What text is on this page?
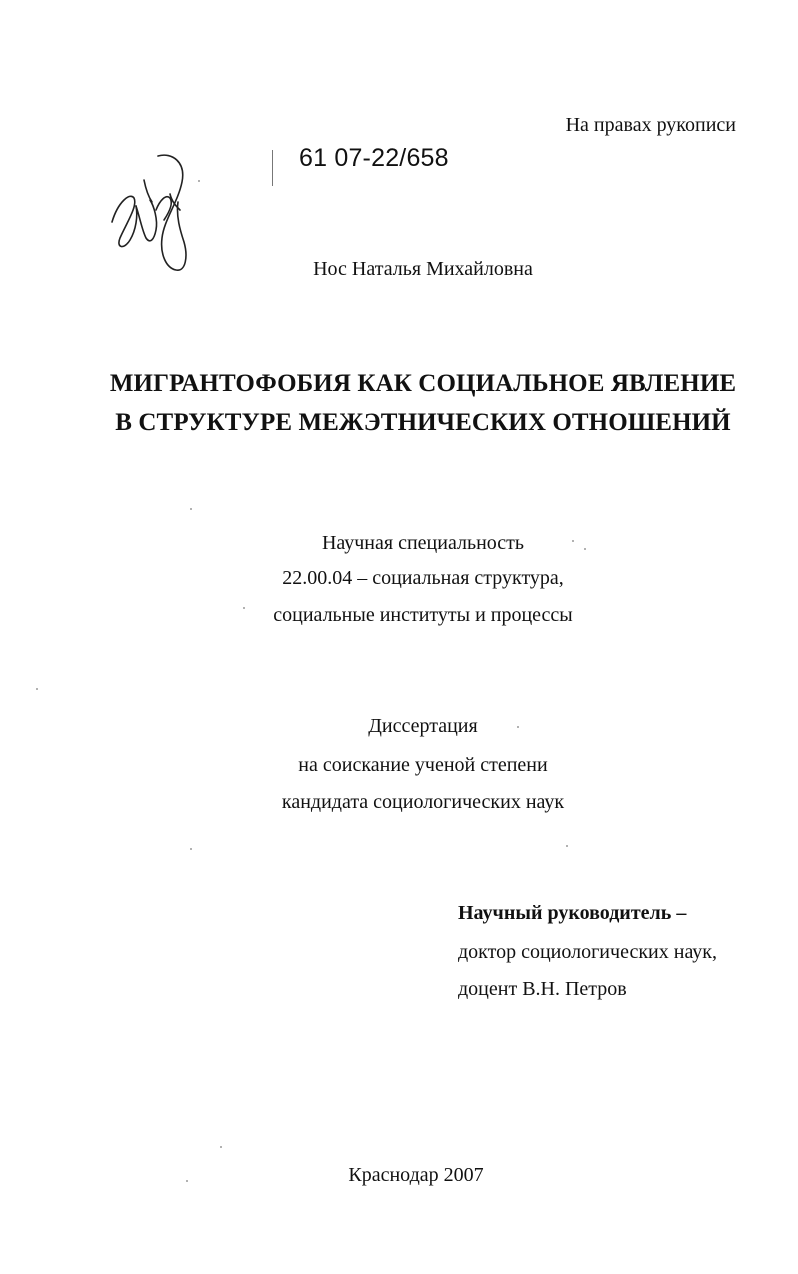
На правах рукописи
61 07-22/658
Нос Наталья Михайловна
МИГРАНТОФОБИЯ КАК СОЦИАЛЬНОЕ ЯВЛЕНИЕ
В СТРУКТУРЕ МЕЖЭТНИЧЕСКИХ ОТНОШЕНИЙ
Научная специальность
22.00.04 – социальная структура,
социальные институты и процессы
Диссертация
на соискание ученой степени
кандидата социологических наук
Научный руководитель –
доктор социологических наук,
доцент В.Н. Петров
Краснодар 2007
